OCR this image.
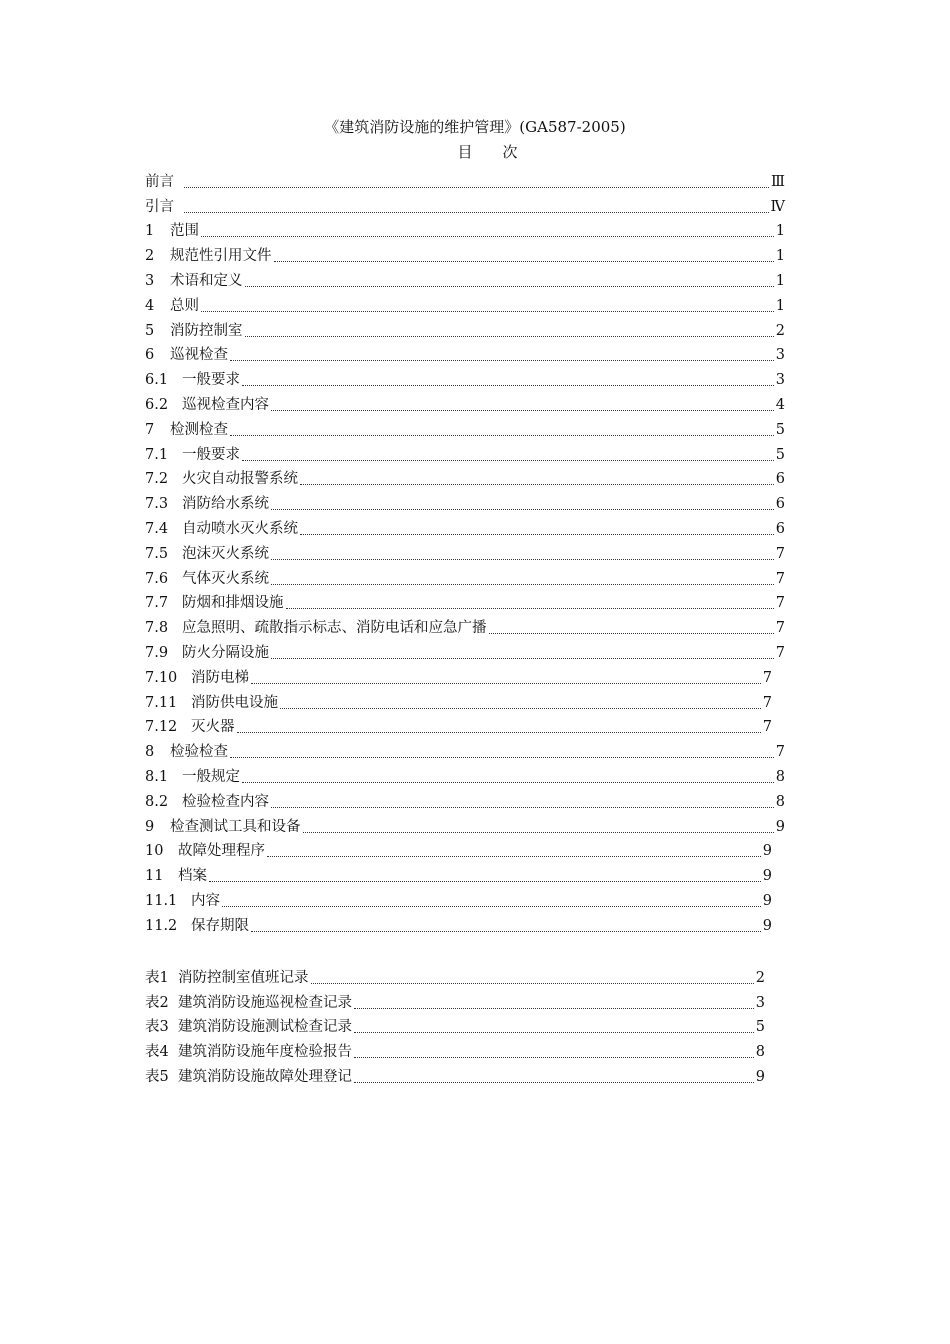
《建筑消防设施的维护管理》(GA587-2005)
目 次
前言	Ⅲ
引言	Ⅳ
1	范围	1
2	规范性引用文件	1
3	术语和定义	1
4	总则	1
5	消防控制室	2
6	巡视检查	3
6.1 一般要求	3
6.2 巡视检查内容	4
7	检测检查	5
7.1 一般要求	5
7.2 火灾自动报警系统	6
7.3 消防给水系统	6
7.4 自动喷水灭火系统	6
7.5 泡沫灭火系统	7
7.6 气体灭火系统	7
7.7 防烟和排烟设施	7
7.8 应急照明、疏散指示标志、消防电话和应急广播	7
7.9 防火分隔设施	7
7.10 消防电梯	7
7.11 消防供电设施	7
7.12 灭火器	7
8	检验检查	7
8.1 一般规定	8
8.2 检验检查内容	8
9	检查测试工具和设备	9
10	故障处理程序	9
11	档案	9
11.1 内容	9
11.2 保存期限	9
表1 消防控制室值班记录	2
表2 建筑消防设施巡视检查记录	3
表3 建筑消防设施测试检查记录	5
表4 建筑消防设施年度检验报告	8
表5 建筑消防设施故障处理登记	9
